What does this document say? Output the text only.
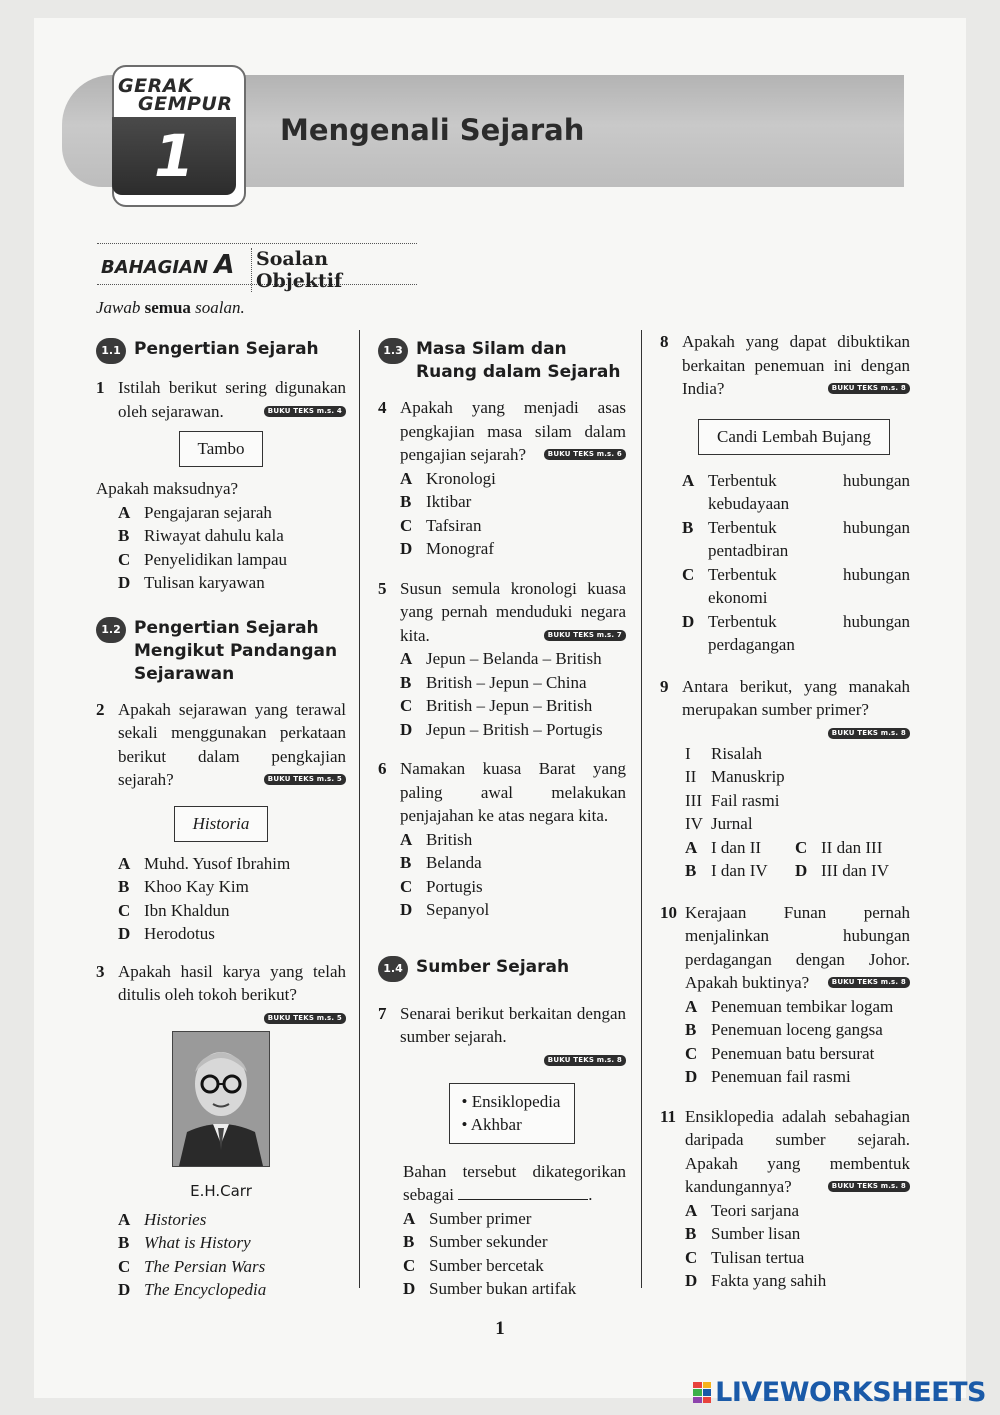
GERAK
GEMPUR
1	Mengenali Sejarah
BAHAGIAN A Soalan Objektif
Jawab semua soalan.
1.1 Pengertian Sejarah
1 Istilah berikut sering digunakan oleh sejarawan.	BUKU TEKS m.s. 4
Tambo
Apakah maksudnya?
A Pengajaran sejarah
B Riwayat dahulu kala
C Penyelidikan lampau
D Tulisan karyawan
1.2 Pengertian Sejarah Mengikut Pandangan Sejarawan
2 Apakah sejarawan yang terawal sekali menggunakan perkataan berikut dalam pengkajian sejarah?	BUKU TEKS m.s. 5
Historia
A Muhd. Yusof Ibrahim
B Khoo Kay Kim
C Ibn Khaldun
D Herodotus
3 Apakah hasil karya yang telah ditulis oleh tokoh berikut?
BUKU TEKS m.s. 5
E.H.Carr
A Histories
B What is History
C The Persian Wars
D The Encyclopedia
1.3 Masa Silam dan Ruang dalam Sejarah
4 Apakah yang menjadi asas pengkajian masa silam dalam pengajian sejarah?	BUKU TEKS m.s. 6
A Kronologi
B Iktibar
C Tafsiran
D Monograf
5 Susun semula kronologi kuasa yang pernah menduduki negara kita.	BUKU TEKS m.s. 7
A Jepun – Belanda – British
B British – Jepun – China
C British – Jepun – British
D Jepun – British – Portugis
6 Namakan kuasa Barat yang paling awal melakukan penjajahan ke atas negara kita.
A British
B Belanda
C Portugis
D Sepanyol
1.4 Sumber Sejarah
7 Senarai berikut berkaitan dengan sumber sejarah.
BUKU TEKS m.s. 8
• Ensiklopedia
• Akhbar
Bahan tersebut dikategorikan sebagai	.
A Sumber primer
B Sumber sekunder
C Sumber bercetak
D Sumber bukan artifak
8 Apakah yang dapat dibuktikan berkaitan penemuan ini dengan India?	BUKU TEKS m.s. 8
Candi Lembah Bujang
A Terbentuk hubungan kebudayaan
B Terbentuk hubungan pentadbiran
C Terbentuk hubungan ekonomi
D Terbentuk hubungan perdagangan
9 Antara berikut, yang manakah merupakan sumber primer?
BUKU TEKS m.s. 8
I	Risalah
II Manuskrip
III Fail rasmi
IV Jurnal
A I dan II	C II dan III
B I dan IV	D III dan IV
10 Kerajaan Funan pernah menjalinkan hubungan perdagangan dengan Johor. Apakah buktinya?	BUKU TEKS m.s. 8
A Penemuan tembikar logam
B Penemuan loceng gangsa
C Penemuan batu bersurat
D Penemuan fail rasmi
11 Ensiklopedia adalah sebahagian daripada sumber sejarah. Apakah yang membentuk kandungannya?	BUKU TEKS m.s. 8
A Teori sarjana
B Sumber lisan
C Tulisan tertua
D Fakta yang sahih
1
LIVEWORKSHEETS
